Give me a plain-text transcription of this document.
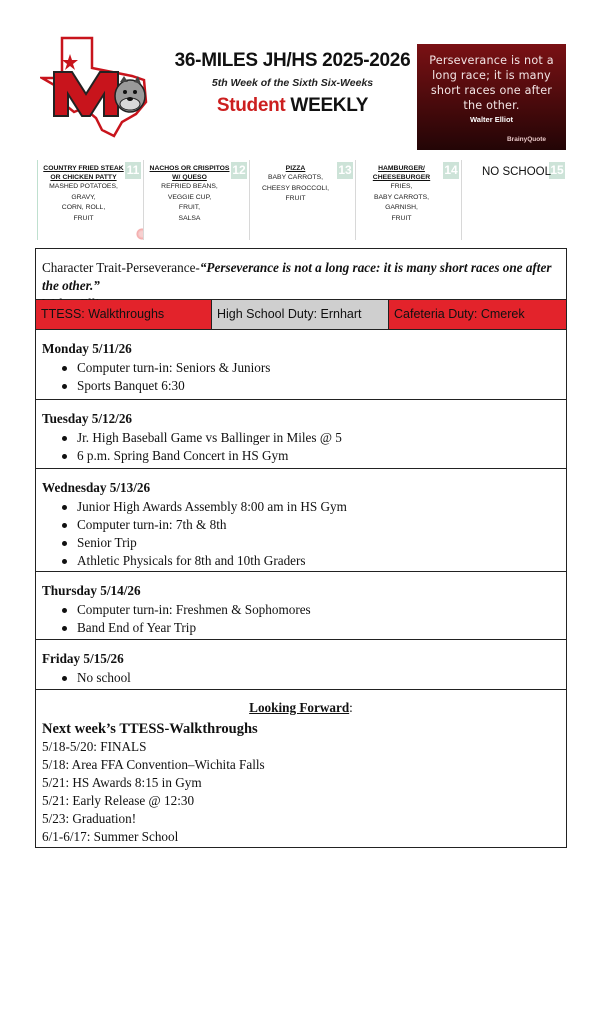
36-MILES JH/HS 2025-2026
5th Week of the Sixth Six-Weeks
Student WEEKLY
Perseverance is not a long race; it is many short races one after the other.
Walter Elliot
BrainyQuote
11
COUNTRY FRIED STEAK OR CHICKEN PATTY
MASHED POTATOES,
GRAVY,
CORN, ROLL,
FRUIT
12
NACHOS OR CRISPITOS W/ QUESO
REFRIED BEANS,
VEGGIE CUP,
FRUIT,
SALSA
13
PIZZA
BABY CARROTS,
CHEESY BROCCOLI,
FRUIT
14
HAMBURGER/ CHEESEBURGER
FRIES,
BABY CARROTS,
GARNISH,
FRUIT
15
NO SCHOOL
Character Trait-Perseverance-“Perseverance is not a long race: it is many short races one after the other.”

TTESS: Walkthroughs	High School Duty: Ernhart	Cafeteria Duty: Cmerek
Monday 5/11/26
Computer turn-in: Seniors & Juniors
Sports Banquet 6:30
Tuesday 5/12/26
Jr. High Baseball Game vs Ballinger in Miles @ 5
6 p.m. Spring Band Concert in HS Gym
Wednesday 5/13/26
Junior High Awards Assembly 8:00 am in HS Gym
Computer turn-in: 7th & 8th
Senior Trip
Athletic Physicals for 8th and 10th Graders
Thursday 5/14/26
Computer turn-in: Freshmen & Sophomores
Band End of Year Trip
Friday 5/15/26
No school
Looking Forward:
Next week’s TTESS-Walkthroughs
5/18-5/20: FINALS
5/18: Area FFA Convention–Wichita Falls
5/21: HS Awards 8:15 in Gym
5/21: Early Release @ 12:30
5/23: Graduation!
6/1-6/17: Summer School
